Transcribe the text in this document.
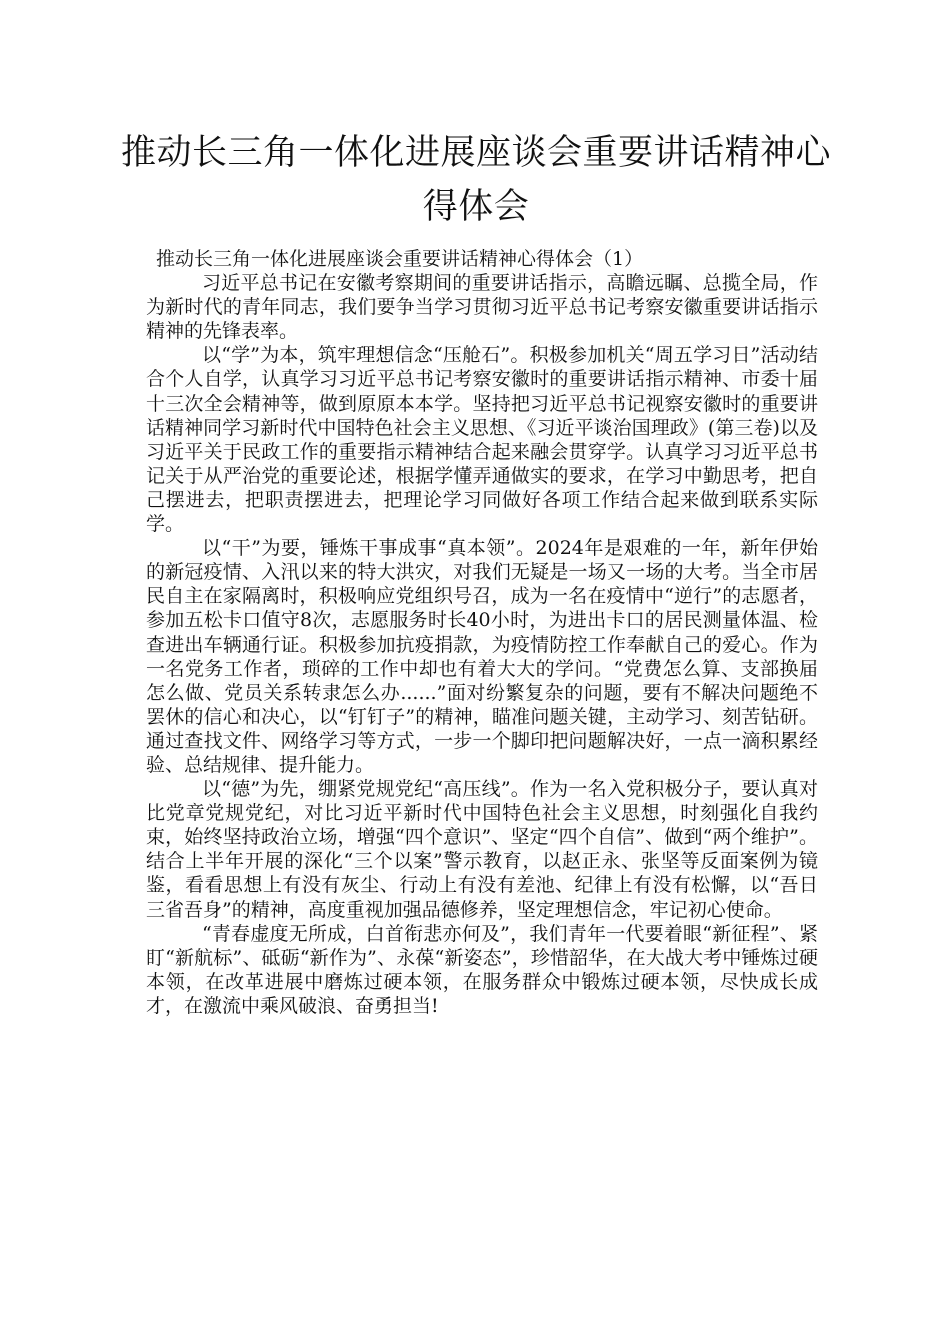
推动长三角一体化进展座谈会重要讲话精神心得体会

推动长三角一体化进展座谈会重要讲话精神心得体会（1）

习近平总书记在安徽考察期间的重要讲话指示，高瞻远瞩、总揽全局，作为新时代的青年同志，我们要争当学习贯彻习近平总书记考察安徽重要讲话指示精神的先锋表率。

以“学”为本，筑牢理想信念“压舱石”。积极参加机关“周五学习日”活动结合个人自学，认真学习习近平总书记考察安徽时的重要讲话指示精神、市委十届十三次全会精神等，做到原原本本学。坚持把习近平总书记视察安徽时的重要讲话精神同学习新时代中国特色社会主义思想、《习近平谈治国理政》(第三卷)以及习近平关于民政工作的重要指示精神结合起来融会贯穿学。认真学习习近平总书记关于从严治党的重要论述，根据学懂弄通做实的要求，在学习中勤思考，把自己摆进去，把职责摆进去，把理论学习同做好各项工作结合起来做到联系实际学。

以“干”为要，锤炼干事成事“真本领”。2024年是艰难的一年，新年伊始的新冠疫情、入汛以来的特大洪灾，对我们无疑是一场又一场的大考。当全市居民自主在家隔离时，积极响应党组织号召，成为一名在疫情中“逆行”的志愿者，参加五松卡口值守8次，志愿服务时长40小时，为进出卡口的居民测量体温、检查进出车辆通行证。积极参加抗疫捐款，为疫情防控工作奉献自己的爱心。作为一名党务工作者，琐碎的工作中却也有着大大的学问。“党费怎么算、支部换届怎么做、党员关系转隶怎么办......”面对纷繁复杂的问题，要有不解决问题绝不罢休的信心和决心，以“钉钉子”的精神，瞄准问题关键，主动学习、刻苦钻研。通过查找文件、网络学习等方式，一步一个脚印把问题解决好，一点一滴积累经验、总结规律、提升能力。

以“德”为先，绷紧党规党纪“高压线”。作为一名入党积极分子，要认真对比党章党规党纪，对比习近平新时代中国特色社会主义思想，时刻强化自我约束，始终坚持政治立场，增强“四个意识”、坚定“四个自信”、做到“两个维护”。结合上半年开展的深化“三个以案”警示教育，以赵正永、张坚等反面案例为镜鉴，看看思想上有没有灰尘、行动上有没有差池、纪律上有没有松懈，以“吾日三省吾身”的精神，高度重视加强品德修养，坚定理想信念，牢记初心使命。

“青春虚度无所成，白首衔悲亦何及”，我们青年一代要着眼“新征程”、紧盯“新航标”、砥砺“新作为”、永葆“新姿态”，珍惜韶华，在大战大考中锤炼过硬本领，在改革进展中磨炼过硬本领，在服务群众中锻炼过硬本领，尽快成长成才，在激流中乘风破浪、奋勇担当!
